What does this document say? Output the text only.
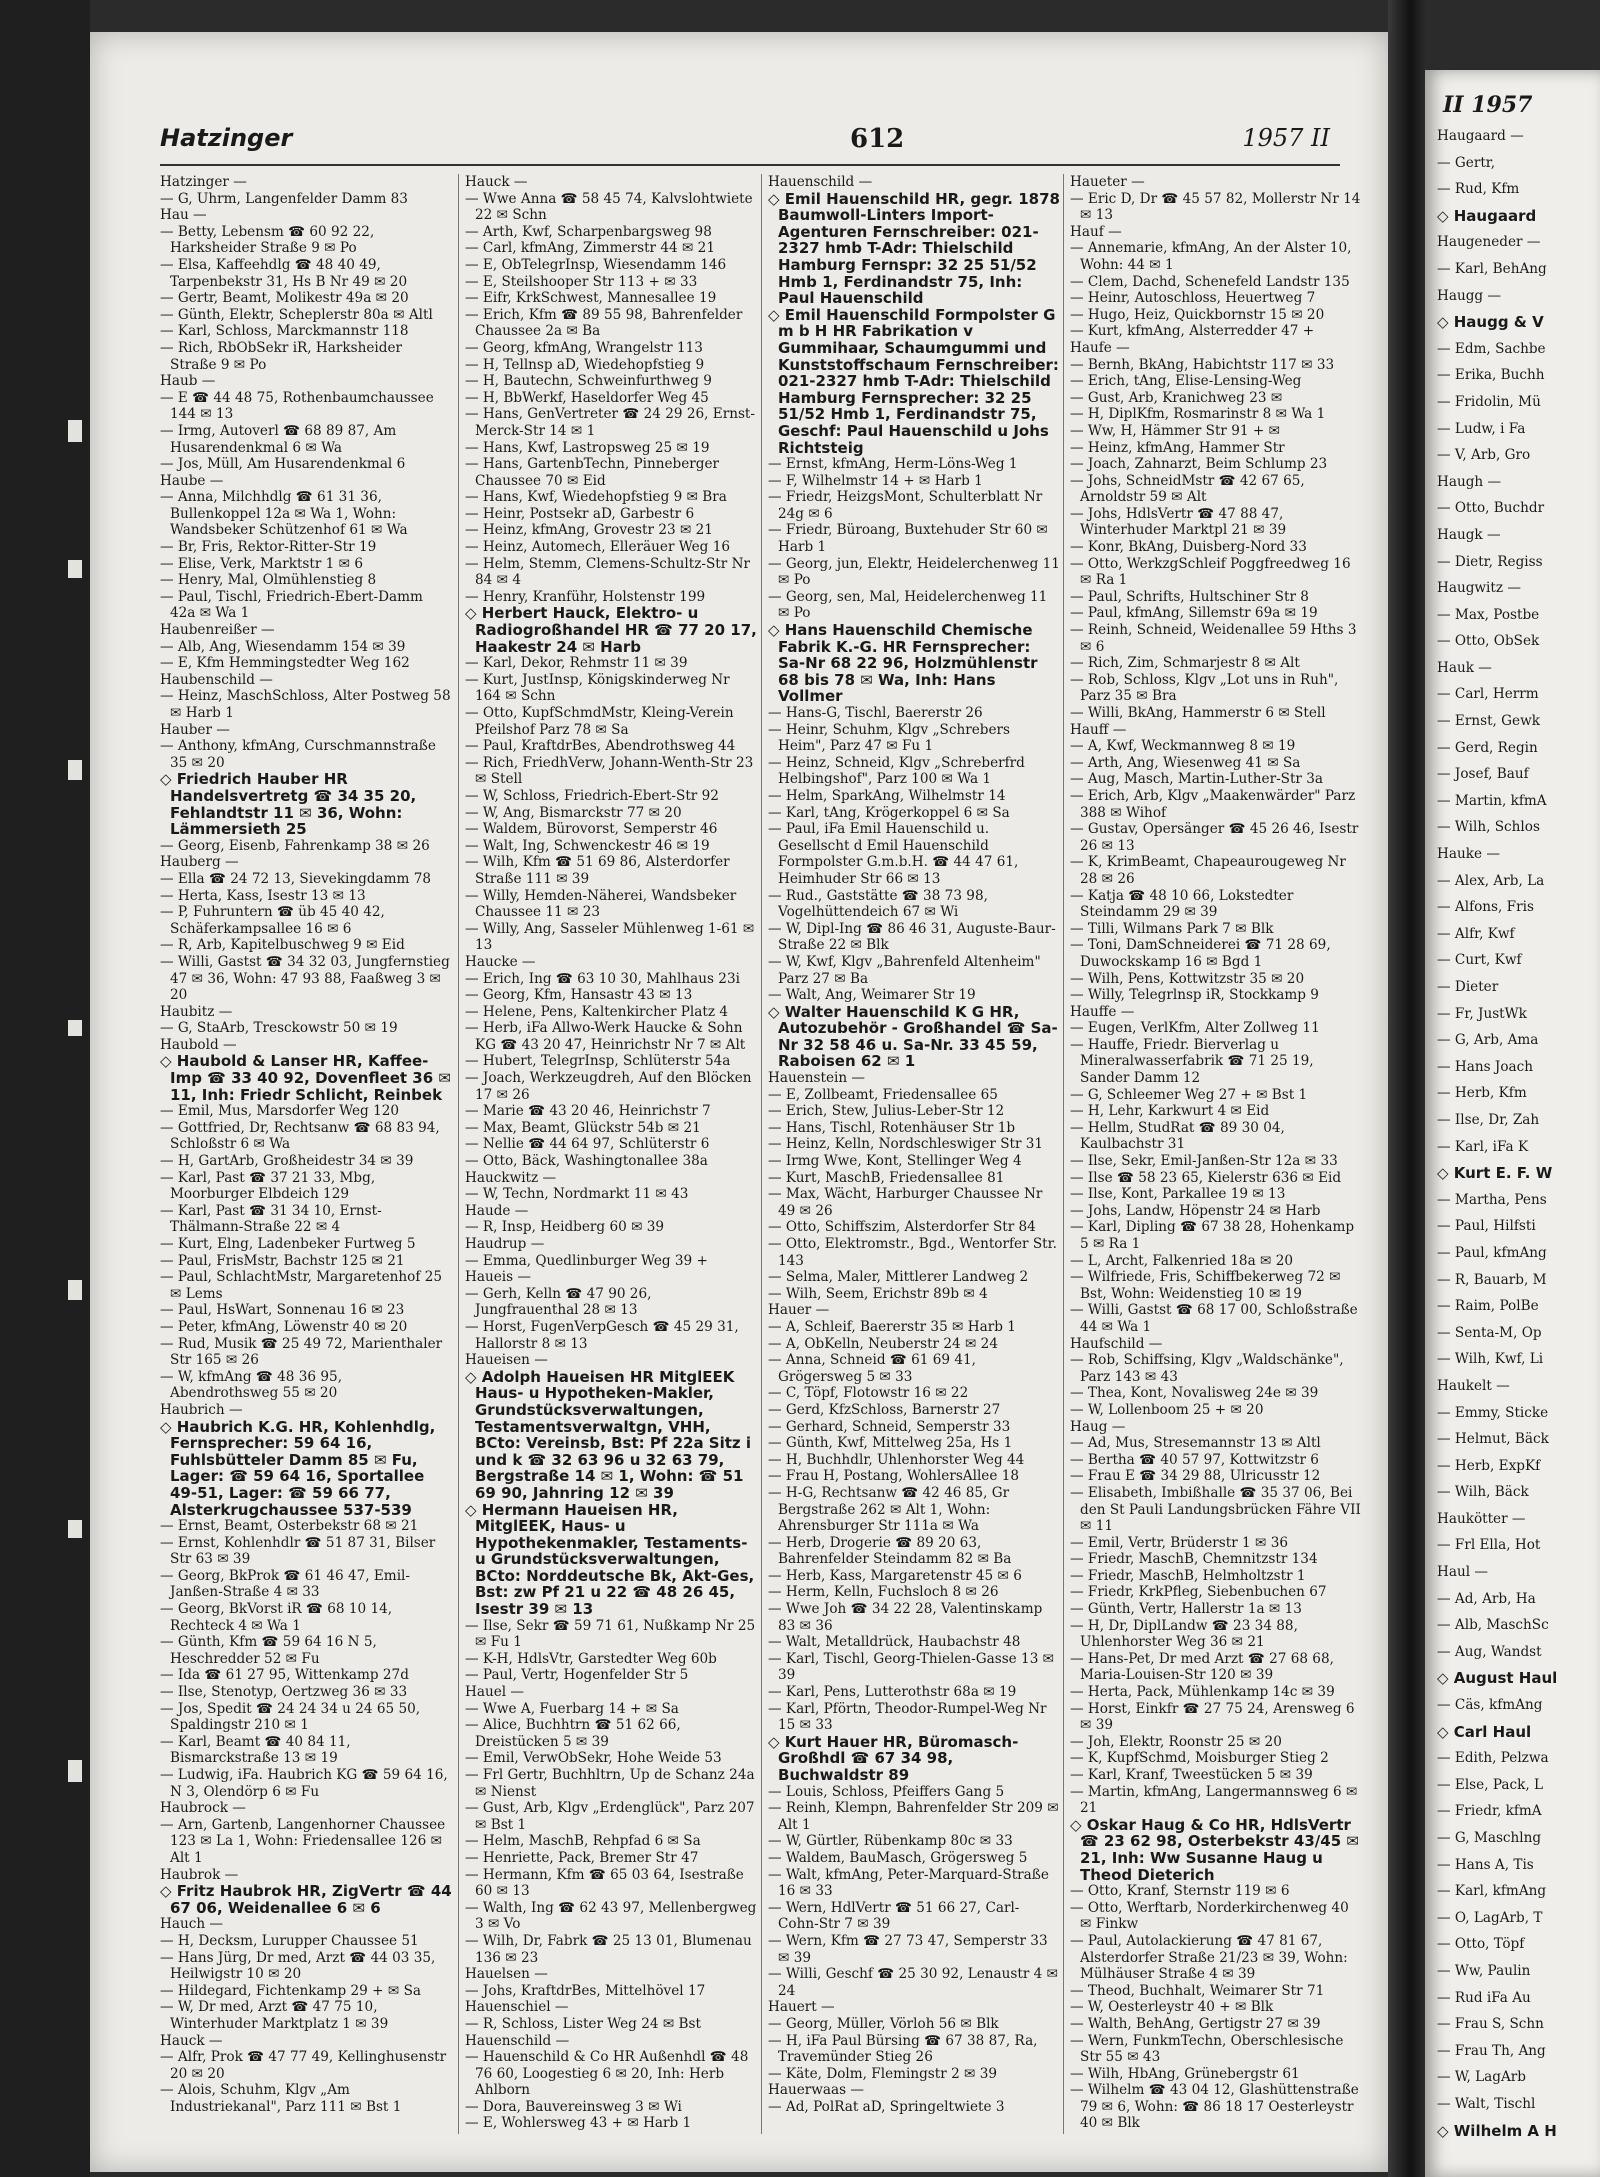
Hatzinger	612	1957 II
Hatzinger —
— G, Uhrm, Langenfelder Damm 83
Hau —
— Betty, Lebensm ☎ 60 92 22, Harksheider Straße 9 ✉ Po
— Elsa, Kaffeehdlg ☎ 48 40 49, Tarpenbekstr 31, Hs B Nr 49 ✉ 20
— Gertr, Beamt, Molikestr 49a ✉ 20
— Günth, Elektr, Scheplerstr 80a ✉ Altl
— Karl, Schloss, Marckmannstr 118
— Rich, RbObSekr iR, Harksheider Straße 9 ✉ Po
Haub —
— E ☎ 44 48 75, Rothenbaumchaussee 144 ✉ 13
— Irmg, Autoverl ☎ 68 89 87, Am Husarendenkmal 6 ✉ Wa
— Jos, Müll, Am Husarendenkmal 6
Haube —
— Anna, Milchhdlg ☎ 61 31 36, Bullenkoppel 12a ✉ Wa 1, Wohn: Wandsbeker Schützenhof 61 ✉ Wa
— Br, Fris, Rektor-Ritter-Str 19
— Elise, Verk, Marktstr 1 ✉ 6
— Henry, Mal, Olmühlenstieg 8
— Paul, Tischl, Friedrich-Ebert-Damm 42a ✉ Wa 1
Haubenreißer —
— Alb, Ang, Wiesendamm 154 ✉ 39
— E, Kfm Hemmingstedter Weg 162
Haubenschild —
— Heinz, MaschSchloss, Alter Postweg 58 ✉ Harb 1
Hauber —
— Anthony, kfmAng, Curschmannstraße 35 ✉ 20
◇ Friedrich Hauber HR Handelsvertretg ☎ 34 35 20, Fehlandtstr 11 ✉ 36, Wohn: Lämmersieth 25
— Georg, Eisenb, Fahrenkamp 38 ✉ 26
Hauberg —
— Ella ☎ 24 72 13, Sievekingdamm 78
— Herta, Kass, Isestr 13 ✉ 13
— P, Fuhruntern ☎ üb 45 40 42, Schäferkampsallee 16 ✉ 6
— R, Arb, Kapitelbuschweg 9 ✉ Eid
— Willi, Gastst ☎ 34 32 03, Jungfernstieg 47 ✉ 36, Wohn: 47 93 88, Faaßweg 3 ✉ 20
Haubitz —
— G, StaArb, Tresckowstr 50 ✉ 19
Haubold —
◇ Haubold & Lanser HR, Kaffee-Imp ☎ 33 40 92, Dovenfleet 36 ✉ 11, Inh: Friedr Schlicht, Reinbek
— Emil, Mus, Marsdorfer Weg 120
— Gottfried, Dr, Rechtsanw ☎ 68 83 94, Schloßstr 6 ✉ Wa
— H, GartArb, Großheidestr 34 ✉ 39
— Karl, Past ☎ 37 21 33, Mbg, Moorburger Elbdeich 129
— Karl, Past ☎ 31 34 10, Ernst-Thälmann-Straße 22 ✉ 4
— Kurt, Elng, Ladenbeker Furtweg 5
— Paul, FrisMstr, Bachstr 125 ✉ 21
— Paul, SchlachtMstr, Margaretenhof 25 ✉ Lems
— Paul, HsWart, Sonnenau 16 ✉ 23
— Peter, kfmAng, Löwenstr 40 ✉ 20
— Rud, Musik ☎ 25 49 72, Marienthaler Str 165 ✉ 26
— W, kfmAng ☎ 48 36 95, Abendrothsweg 55 ✉ 20
Haubrich —
◇ Haubrich K.G. HR, Kohlenhdlg, Fernsprecher: 59 64 16, Fuhlsbütteler Damm 85 ✉ Fu, Lager: ☎ 59 64 16, Sportallee 49-51, Lager: ☎ 59 66 77, Alsterkrugchaussee 537-539
— Ernst, Beamt, Osterbekstr 68 ✉ 21
— Ernst, Kohlenhdlr ☎ 51 87 31, Bilser Str 63 ✉ 39
— Georg, BkProk ☎ 61 46 47, Emil-Janßen-Straße 4 ✉ 33
— Georg, BkVorst iR ☎ 68 10 14, Rechteck 4 ✉ Wa 1
— Günth, Kfm ☎ 59 64 16 N 5, Heschredder 52 ✉ Fu
— Ida ☎ 61 27 95, Wittenkamp 27d
— Ilse, Stenotyp, Oertzweg 36 ✉ 33
— Jos, Spedit ☎ 24 24 34 u 24 65 50, Spaldingstr 210 ✉ 1
— Karl, Beamt ☎ 40 84 11, Bismarckstraße 13 ✉ 19
— Ludwig, iFa. Haubrich KG ☎ 59 64 16, N 3, Olendörp 6 ✉ Fu
Haubrock —
— Arn, Gartenb, Langenhorner Chaussee 123 ✉ La 1, Wohn: Friedensallee 126 ✉ Alt 1
Haubrok —
◇ Fritz Haubrok HR, ZigVertr ☎ 44 67 06, Weidenallee 6 ✉ 6
Hauch —
— H, Decksm, Lurupper Chaussee 51
— Hans Jürg, Dr med, Arzt ☎ 44 03 35, Heilwigstr 10 ✉ 20
— Hildegard, Fichtenkamp 29 + ✉ Sa
— W, Dr med, Arzt ☎ 47 75 10, Winterhuder Marktplatz 1 ✉ 39
Hauck —
— Alfr, Prok ☎ 47 77 49, Kellinghusenstr 20 ✉ 20
— Alois, Schuhm, Klgv „Am Industriekanal", Parz 111 ✉ Bst 1
Hauck —
— Wwe Anna ☎ 58 45 74, Kalvslohtwiete 22 ✉ Schn
— Arth, Kwf, Scharpenbargsweg 98
— Carl, kfmAng, Zimmerstr 44 ✉ 21
— E, ObTelegrInsp, Wiesendamm 146
— E, Steilshooper Str 113 + ✉ 33
— Eifr, KrkSchwest, Mannesallee 19
— Erich, Kfm ☎ 89 55 98, Bahrenfelder Chaussee 2a ✉ Ba
— Georg, kfmAng, Wrangelstr 113
— H, Tellnsp aD, Wiedehopfstieg 9
— H, Bautechn, Schweinfurthweg 9
— H, BbWerkf, Haseldorfer Weg 45
— Hans, GenVertreter ☎ 24 29 26, Ernst-Merck-Str 14 ✉ 1
— Hans, Kwf, Lastropsweg 25 ✉ 19
— Hans, GartenbTechn, Pinneberger Chaussee 70 ✉ Eid
— Hans, Kwf, Wiedehopfstieg 9 ✉ Bra
— Heinr, Postsekr aD, Garbestr 6
— Heinz, kfmAng, Grovestr 23 ✉ 21
— Heinz, Automech, Elleräuer Weg 16
— Helm, Stemm, Clemens-Schultz-Str Nr 84 ✉ 4
— Henry, Kranführ, Holstenstr 199
◇ Herbert Hauck, Elektro- u Radiogroßhandel HR ☎ 77 20 17, Haakestr 24 ✉ Harb
— Karl, Dekor, Rehmstr 11 ✉ 39
— Kurt, JustInsp, Königskinderweg Nr 164 ✉ Schn
— Otto, KupfSchmdMstr, Kleing-Verein Pfeilshof Parz 78 ✉ Sa
— Paul, KraftdrBes, Abendrothsweg 44
— Rich, FriedhVerw, Johann-Wenth-Str 23 ✉ Stell
— W, Schloss, Friedrich-Ebert-Str 92
— W, Ang, Bismarckstr 77 ✉ 20
— Waldem, Bürovorst, Semperstr 46
— Walt, Ing, Schwenckestr 46 ✉ 19
— Wilh, Kfm ☎ 51 69 86, Alsterdorfer Straße 111 ✉ 39
— Willy, Hemden-Näherei, Wandsbeker Chaussee 11 ✉ 23
— Willy, Ang, Sasseler Mühlenweg 1-61 ✉ 13
Haucke —
— Erich, Ing ☎ 63 10 30, Mahlhaus 23i
— Georg, Kfm, Hansastr 43 ✉ 13
— Helene, Pens, Kaltenkircher Platz 4
— Herb, iFa Allwo-Werk Haucke & Sohn KG ☎ 43 20 47, Heinrichstr Nr 7 ✉ Alt
— Hubert, TelegrInsp, Schlüterstr 54a
— Joach, Werkzeugdreh, Auf den Blöcken 17 ✉ 26
— Marie ☎ 43 20 46, Heinrichstr 7
— Max, Beamt, Glückstr 54b ✉ 21
— Nellie ☎ 44 64 97, Schlüterstr 6
— Otto, Bäck, Washingtonallee 38a
Hauckwitz —
— W, Techn, Nordmarkt 11 ✉ 43
Haude —
— R, Insp, Heidberg 60 ✉ 39
Haudrup —
— Emma, Quedlinburger Weg 39 +
Haueis —
— Gerh, Kelln ☎ 47 90 26, Jungfrauenthal 28 ✉ 13
— Horst, FugenVerpGesch ☎ 45 29 31, Hallorstr 8 ✉ 13
Haueisen —
◇ Adolph Haueisen HR MitglEEK Haus- u Hypotheken-Makler, Grundstücksverwaltungen, Testamentsverwaltgn, VHH, BCto: Vereinsb, Bst: Pf 22a Sitz i und k ☎ 32 63 96 u 32 63 79, Bergstraße 14 ✉ 1, Wohn: ☎ 51 69 90, Jahnring 12 ✉ 39
◇ Hermann Haueisen HR, MitglEEK, Haus- u Hypothekenmakler, Testaments- u Grundstücksverwaltungen, BCto: Norddeutsche Bk, Akt-Ges, Bst: zw Pf 21 u 22 ☎ 48 26 45, Isestr 39 ✉ 13
— Ilse, Sekr ☎ 59 71 61, Nußkamp Nr 25 ✉ Fu 1
— K-H, HdlsVtr, Garstedter Weg 60b
— Paul, Vertr, Hogenfelder Str 5
Hauel —
— Wwe A, Fuerbarg 14 + ✉ Sa
— Alice, Buchhtrn ☎ 51 62 66, Dreistücken 5 ✉ 39
— Emil, VerwObSekr, Hohe Weide 53
— Frl Gertr, Buchhltrn, Up de Schanz 24a ✉ Nienst
— Gust, Arb, Klgv „Erdenglück", Parz 207 ✉ Bst 1
— Helm, MaschB, Rehpfad 6 ✉ Sa
— Henriette, Pack, Bremer Str 47
— Hermann, Kfm ☎ 65 03 64, Isestraße 60 ✉ 13
— Walth, Ing ☎ 62 43 97, Mellenbergweg 3 ✉ Vo
— Wilh, Dr, Fabrk ☎ 25 13 01, Blumenau 136 ✉ 23
Hauelsen —
— Johs, KraftdrBes, Mittelhövel 17
Hauenschiel —
— R, Schloss, Lister Weg 24 ✉ Bst
Hauenschild —
— Hauenschild & Co HR Außenhdl ☎ 48 76 60, Loogestieg 6 ✉ 20, Inh: Herb Ahlborn
— Dora, Bauvereinsweg 3 ✉ Wi
— E, Wohlersweg 43 + ✉ Harb 1
Hauenschild —
◇ Emil Hauenschild HR, gegr. 1878 Baumwoll-Linters Import-Agenturen Fernschreiber: 021-2327 hmb T-Adr: Thielschild Hamburg Fernspr: 32 25 51/52 Hmb 1, Ferdinandstr 75, Inh: Paul Hauenschild
◇ Emil Hauenschild Formpolster G m b H HR Fabrikation v Gummihaar, Schaumgummi und Kunststoffschaum Fernschreiber: 021-2327 hmb T-Adr: Thielschild Hamburg Fernsprecher: 32 25 51/52 Hmb 1, Ferdinandstr 75, Geschf: Paul Hauenschild u Johs Richtsteig
— Ernst, kfmAng, Herm-Löns-Weg 1
— F, Wilhelmstr 14 + ✉ Harb 1
— Friedr, HeizgsMont, Schulterblatt Nr 24g ✉ 6
— Friedr, Büroang, Buxtehuder Str 60 ✉ Harb 1
— Georg, jun, Elektr, Heidelerchenweg 11 ✉ Po
— Georg, sen, Mal, Heidelerchenweg 11 ✉ Po
◇ Hans Hauenschild Chemische Fabrik K.-G. HR Fernsprecher: Sa-Nr 68 22 96, Holzmühlenstr 68 bis 78 ✉ Wa, Inh: Hans Vollmer
— Hans-G, Tischl, Baererstr 26
— Heinr, Schuhm, Klgv „Schrebers Heim", Parz 47 ✉ Fu 1
— Heinz, Schneid, Klgv „Schreberfrd Helbingshof", Parz 100 ✉ Wa 1
— Helm, SparkAng, Wilhelmstr 14
— Karl, tAng, Krögerkoppel 6 ✉ Sa
— Paul, iFa Emil Hauenschild u. Gesellscht d Emil Hauenschild Formpolster G.m.b.H. ☎ 44 47 61, Heimhuder Str 66 ✉ 13
— Rud., Gaststätte ☎ 38 73 98, Vogelhüttendeich 67 ✉ Wi
— W, Dipl-Ing ☎ 86 46 31, Auguste-Baur-Straße 22 ✉ Blk
— W, Kwf, Klgv „Bahrenfeld Altenheim" Parz 27 ✉ Ba
— Walt, Ang, Weimarer Str 19
◇ Walter Hauenschild K G HR, Autozubehör - Großhandel ☎ Sa-Nr 32 58 46 u. Sa-Nr. 33 45 59, Raboisen 62 ✉ 1
Hauenstein —
— E, Zollbeamt, Friedensallee 65
— Erich, Stew, Julius-Leber-Str 12
— Hans, Tischl, Rotenhäuser Str 1b
— Heinz, Kelln, Nordschleswiger Str 31
— Irmg Wwe, Kont, Stellinger Weg 4
— Kurt, MaschB, Friedensallee 81
— Max, Wächt, Harburger Chaussee Nr 49 ✉ 26
— Otto, Schiffszim, Alsterdorfer Str 84
— Otto, Elektromstr., Bgd., Wentorfer Str. 143
— Selma, Maler, Mittlerer Landweg 2
— Wilh, Seem, Erichstr 89b ✉ 4
Hauer —
— A, Schleif, Baererstr 35 ✉ Harb 1
— A, ObKelln, Neuberstr 24 ✉ 24
— Anna, Schneid ☎ 61 69 41, Grögersweg 5 ✉ 33
— C, Töpf, Flotowstr 16 ✉ 22
— Gerd, KfzSchloss, Barnerstr 27
— Gerhard, Schneid, Semperstr 33
— Günth, Kwf, Mittelweg 25a, Hs 1
— H, Buchhdlr, Uhlenhorster Weg 44
— Frau H, Postang, WohlersAllee 18
— H-G, Rechtsanw ☎ 42 46 85, Gr Bergstraße 262 ✉ Alt 1, Wohn: Ahrensburger Str 111a ✉ Wa
— Herb, Drogerie ☎ 89 20 63, Bahrenfelder Steindamm 82 ✉ Ba
— Herb, Kass, Margaretenstr 45 ✉ 6
— Herm, Kelln, Fuchsloch 8 ✉ 26
— Wwe Joh ☎ 34 22 28, Valentinskamp 83 ✉ 36
— Walt, Metalldrück, Haubachstr 48
— Karl, Tischl, Georg-Thielen-Gasse 13 ✉ 39
— Karl, Pens, Lutterothstr 68a ✉ 19
— Karl, Pförtn, Theodor-Rumpel-Weg Nr 15 ✉ 33
◇ Kurt Hauer HR, Büromasch-Großhdl ☎ 67 34 98, Buchwaldstr 89
— Louis, Schloss, Pfeiffers Gang 5
— Reinh, Klempn, Bahrenfelder Str 209 ✉ Alt 1
— W, Gürtler, Rübenkamp 80c ✉ 33
— Waldem, BauMasch, Grögersweg 5
— Walt, kfmAng, Peter-Marquard-Straße 16 ✉ 33
— Wern, HdlVertr ☎ 51 66 27, Carl-Cohn-Str 7 ✉ 39
— Wern, Kfm ☎ 27 73 47, Semperstr 33 ✉ 39
— Willi, Geschf ☎ 25 30 92, Lenaustr 4 ✉ 24
Hauert —
— Georg, Müller, Vörloh 56 ✉ Blk
— H, iFa Paul Bürsing ☎ 67 38 87, Ra, Travemünder Stieg 26
— Käte, Dolm, Flemingstr 2 ✉ 39
Hauerwaas —
— Ad, PolRat aD, Springeltwiete 3
Haueter —
— Eric D, Dr ☎ 45 57 82, Mollerstr Nr 14 ✉ 13
Hauf —
— Annemarie, kfmAng, An der Alster 10, Wohn: 44 ✉ 1
— Clem, Dachd, Schenefeld Landstr 135
— Heinr, Autoschloss, Heuertweg 7
— Hugo, Heiz, Quickbornstr 15 ✉ 20
— Kurt, kfmAng, Alsterredder 47 +
Haufe —
— Bernh, BkAng, Habichtstr 117 ✉ 33
— Erich, tAng, Elise-Lensing-Weg
— Gust, Arb, Kranichweg 23 ✉
— H, DiplKfm, Rosmarinstr 8 ✉ Wa 1
— Ww, H, Hämmer Str 91 + ✉
— Heinz, kfmAng, Hammer Str
— Joach, Zahnarzt, Beim Schlump 23
— Johs, SchneidMstr ☎ 42 67 65, Arnoldstr 59 ✉ Alt
— Johs, HdlsVertr ☎ 47 88 47, Winterhuder Marktpl 21 ✉ 39
— Konr, BkAng, Duisberg-Nord 33
— Otto, WerkzgSchleif Poggfreedweg 16 ✉ Ra 1
— Paul, Schrifts, Hultschiner Str 8
— Paul, kfmAng, Sillemstr 69a ✉ 19
— Reinh, Schneid, Weidenallee 59 Hths 3 ✉ 6
— Rich, Zim, Schmarjestr 8 ✉ Alt
— Rob, Schloss, Klgv „Lot uns in Ruh", Parz 35 ✉ Bra
— Willi, BkAng, Hammerstr 6 ✉ Stell
Hauff —
— A, Kwf, Weckmannweg 8 ✉ 19
— Arth, Ang, Wiesenweg 41 ✉ Sa
— Aug, Masch, Martin-Luther-Str 3a
— Erich, Arb, Klgv „Maakenwärder" Parz 388 ✉ Wihof
— Gustav, Opersänger ☎ 45 26 46, Isestr 26 ✉ 13
— K, KrimBeamt, Chapeaurougeweg Nr 28 ✉ 26
— Katja ☎ 48 10 66, Lokstedter Steindamm 29 ✉ 39
— Tilli, Wilmans Park 7 ✉ Blk
— Toni, DamSchneiderei ☎ 71 28 69, Duwockskamp 16 ✉ Bgd 1
— Wilh, Pens, Kottwitzstr 35 ✉ 20
— Willy, Telegrlnsp iR, Stockkamp 9
Hauffe —
— Eugen, VerlKfm, Alter Zollweg 11
— Hauffe, Friedr. Bierverlag u Mineralwasserfabrik ☎ 71 25 19, Sander Damm 12
— G, Schleemer Weg 27 + ✉ Bst 1
— H, Lehr, Karkwurt 4 ✉ Eid
— Hellm, StudRat ☎ 89 30 04, Kaulbachstr 31
— Ilse, Sekr, Emil-Janßen-Str 12a ✉ 33
— Ilse ☎ 58 23 65, Kielerstr 636 ✉ Eid
— Ilse, Kont, Parkallee 19 ✉ 13
— Johs, Landw, Höpenstr 24 ✉ Harb
— Karl, Dipling ☎ 67 38 28, Hohenkamp 5 ✉ Ra 1
— L, Archt, Falkenried 18a ✉ 20
— Wilfriede, Fris, Schiffbekerweg 72 ✉ Bst, Wohn: Weidenstieg 10 ✉ 19
— Willi, Gastst ☎ 68 17 00, Schloßstraße 44 ✉ Wa 1
Haufschild —
— Rob, Schiffsing, Klgv „Waldschänke", Parz 143 ✉ 43
— Thea, Kont, Novalisweg 24e ✉ 39
— W, Lollenboom 25 + ✉ 20
Haug —
— Ad, Mus, Stresemannstr 13 ✉ Altl
— Bertha ☎ 40 57 97, Kottwitzstr 6
— Frau E ☎ 34 29 88, Ulricusstr 12
— Elisabeth, Imbißhalle ☎ 35 37 06, Bei den St Pauli Landungsbrücken Fähre VII ✉ 11
— Emil, Vertr, Brüderstr 1 ✉ 36
— Friedr, MaschB, Chemnitzstr 134
— Friedr, MaschB, Helmholtzstr 1
— Friedr, KrkPfleg, Siebenbuchen 67
— Günth, Vertr, Hallerstr 1a ✉ 13
— H, Dr, DiplLandw ☎ 23 34 88, Uhlenhorster Weg 36 ✉ 21
— Hans-Pet, Dr med Arzt ☎ 27 68 68, Maria-Louisen-Str 120 ✉ 39
— Herta, Pack, Mühlenkamp 14c ✉ 39
— Horst, Einkfr ☎ 27 75 24, Arensweg 6 ✉ 39
— Joh, Elektr, Roonstr 25 ✉ 20
— K, KupfSchmd, Moisburger Stieg 2
— Karl, Kranf, Tweestücken 5 ✉ 39
— Martin, kfmAng, Langermannsweg 6 ✉ 21
◇ Oskar Haug & Co HR, HdlsVertr ☎ 23 62 98, Osterbekstr 43/45 ✉ 21, Inh: Ww Susanne Haug u Theod Dieterich
— Otto, Kranf, Sternstr 119 ✉ 6
— Otto, Werftarb, Norderkirchenweg 40 ✉ Finkw
— Paul, Autolackierung ☎ 47 81 67, Alsterdorfer Straße 21/23 ✉ 39, Wohn: Mülhäuser Straße 4 ✉ 39
— Theod, Buchhalt, Weimarer Str 71
— W, Oesterleystr 40 + ✉ Blk
— Walth, BehAng, Gertigstr 27 ✉ 39
— Wern, FunkmTechn, Oberschlesische Str 55 ✉ 43
— Wilh, HbAng, Grünebergstr 61
— Wilhelm ☎ 43 04 12, Glashüttenstraße 79 ✉ 6, Wohn: ☎ 86 18 17 Oesterleystr 40 ✉ Blk
II 1957
Haugaard —
— Gertr,
— Rud, Kfm
◇ Haugaard
Haugeneder —
— Karl, BehAng
Haugg —
◇ Haugg & V
— Edm, Sachbe
— Erika, Buchh
— Fridolin, Mü
— Ludw, i Fa
— V, Arb, Gro
Haugh —
— Otto, Buchdr
Haugk —
— Dietr, Regiss
Haugwitz —
— Max, Postbe
— Otto, ObSek
Hauk —
— Carl, Herrm
— Ernst, Gewk
— Gerd, Regin
— Josef, Bauf
— Martin, kfmA
— Wilh, Schlos
Hauke —
— Alex, Arb, La
— Alfons, Fris
— Alfr, Kwf
— Curt, Kwf
— Dieter
— Fr, JustWk
— G, Arb, Ama
— Hans Joach
— Herb, Kfm
— Ilse, Dr, Zah
— Karl, iFa K
◇ Kurt E. F. W
— Martha, Pens
— Paul, Hilfsti
— Paul, kfmAng
— R, Bauarb, M
— Raim, PolBe
— Senta-M, Op
— Wilh, Kwf, Li
Haukelt —
— Emmy, Sticke
— Helmut, Bäck
— Herb, ExpKf
— Wilh, Bäck
Haukötter —
— Frl Ella, Hot
Haul —
— Ad, Arb, Ha
— Alb, MaschSc
— Aug, Wandst
◇ August Haul
— Cäs, kfmAng
◇ Carl Haul
— Edith, Pelzwa
— Else, Pack, L
— Friedr, kfmA
— G, Maschlng
— Hans A, Tis
— Karl, kfmAng
— O, LagArb, T
— Otto, Töpf
— Ww, Paulin
— Rud iFa Au
— Frau S, Schn
— Frau Th, Ang
— W, LagArb
— Walt, Tischl
◇ Wilhelm A H
